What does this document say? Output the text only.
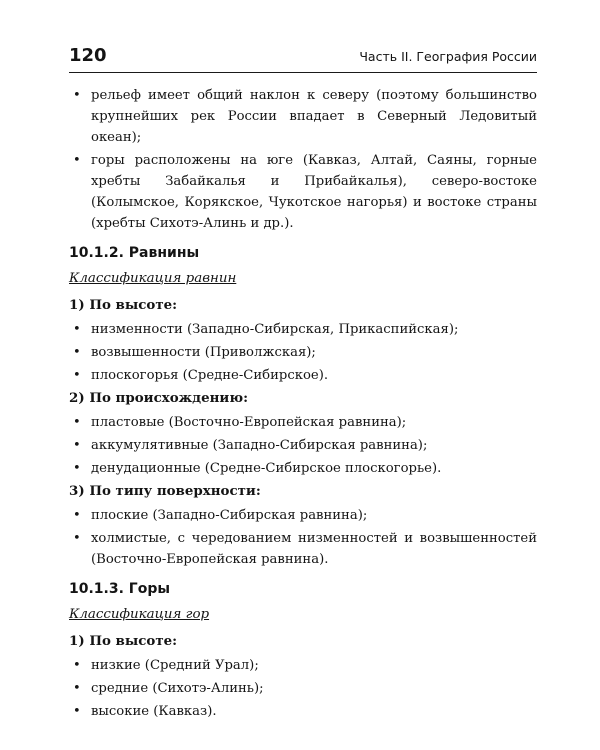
120	Часть II. География России
• рельеф имеет общий наклон к северу (поэтому большинство крупнейших рек России впадает в Северный Ледовитый океан);
• горы расположены на юге (Кавказ, Алтай, Саяны, горные хребты Забайкалья и Прибайкалья), северо-востоке (Колымское, Корякское, Чукотское нагорья) и востоке страны (хребты Сихотэ-Алинь и др.).
10.1.2. Равнины
Классификация равнин
1) По высоте:
• низменности (Западно-Сибирская, Прикаспийская);
• возвышенности (Приволжская);
• плоскогорья (Средне-Сибирское).
2) По происхождению:
• пластовые (Восточно-Европейская равнина);
• аккумулятивные (Западно-Сибирская равнина);
• денудационные (Средне-Сибирское плоскогорье).
3) По типу поверхности:
• плоские (Западно-Сибирская равнина);
• холмистые, с чередованием низменностей и возвышенностей (Восточно-Европейская равнина).
10.1.3. Горы
Классификация гор
1) По высоте:
• низкие (Средний Урал);
• средние (Сихотэ-Алинь);
• высокие (Кавказ).
